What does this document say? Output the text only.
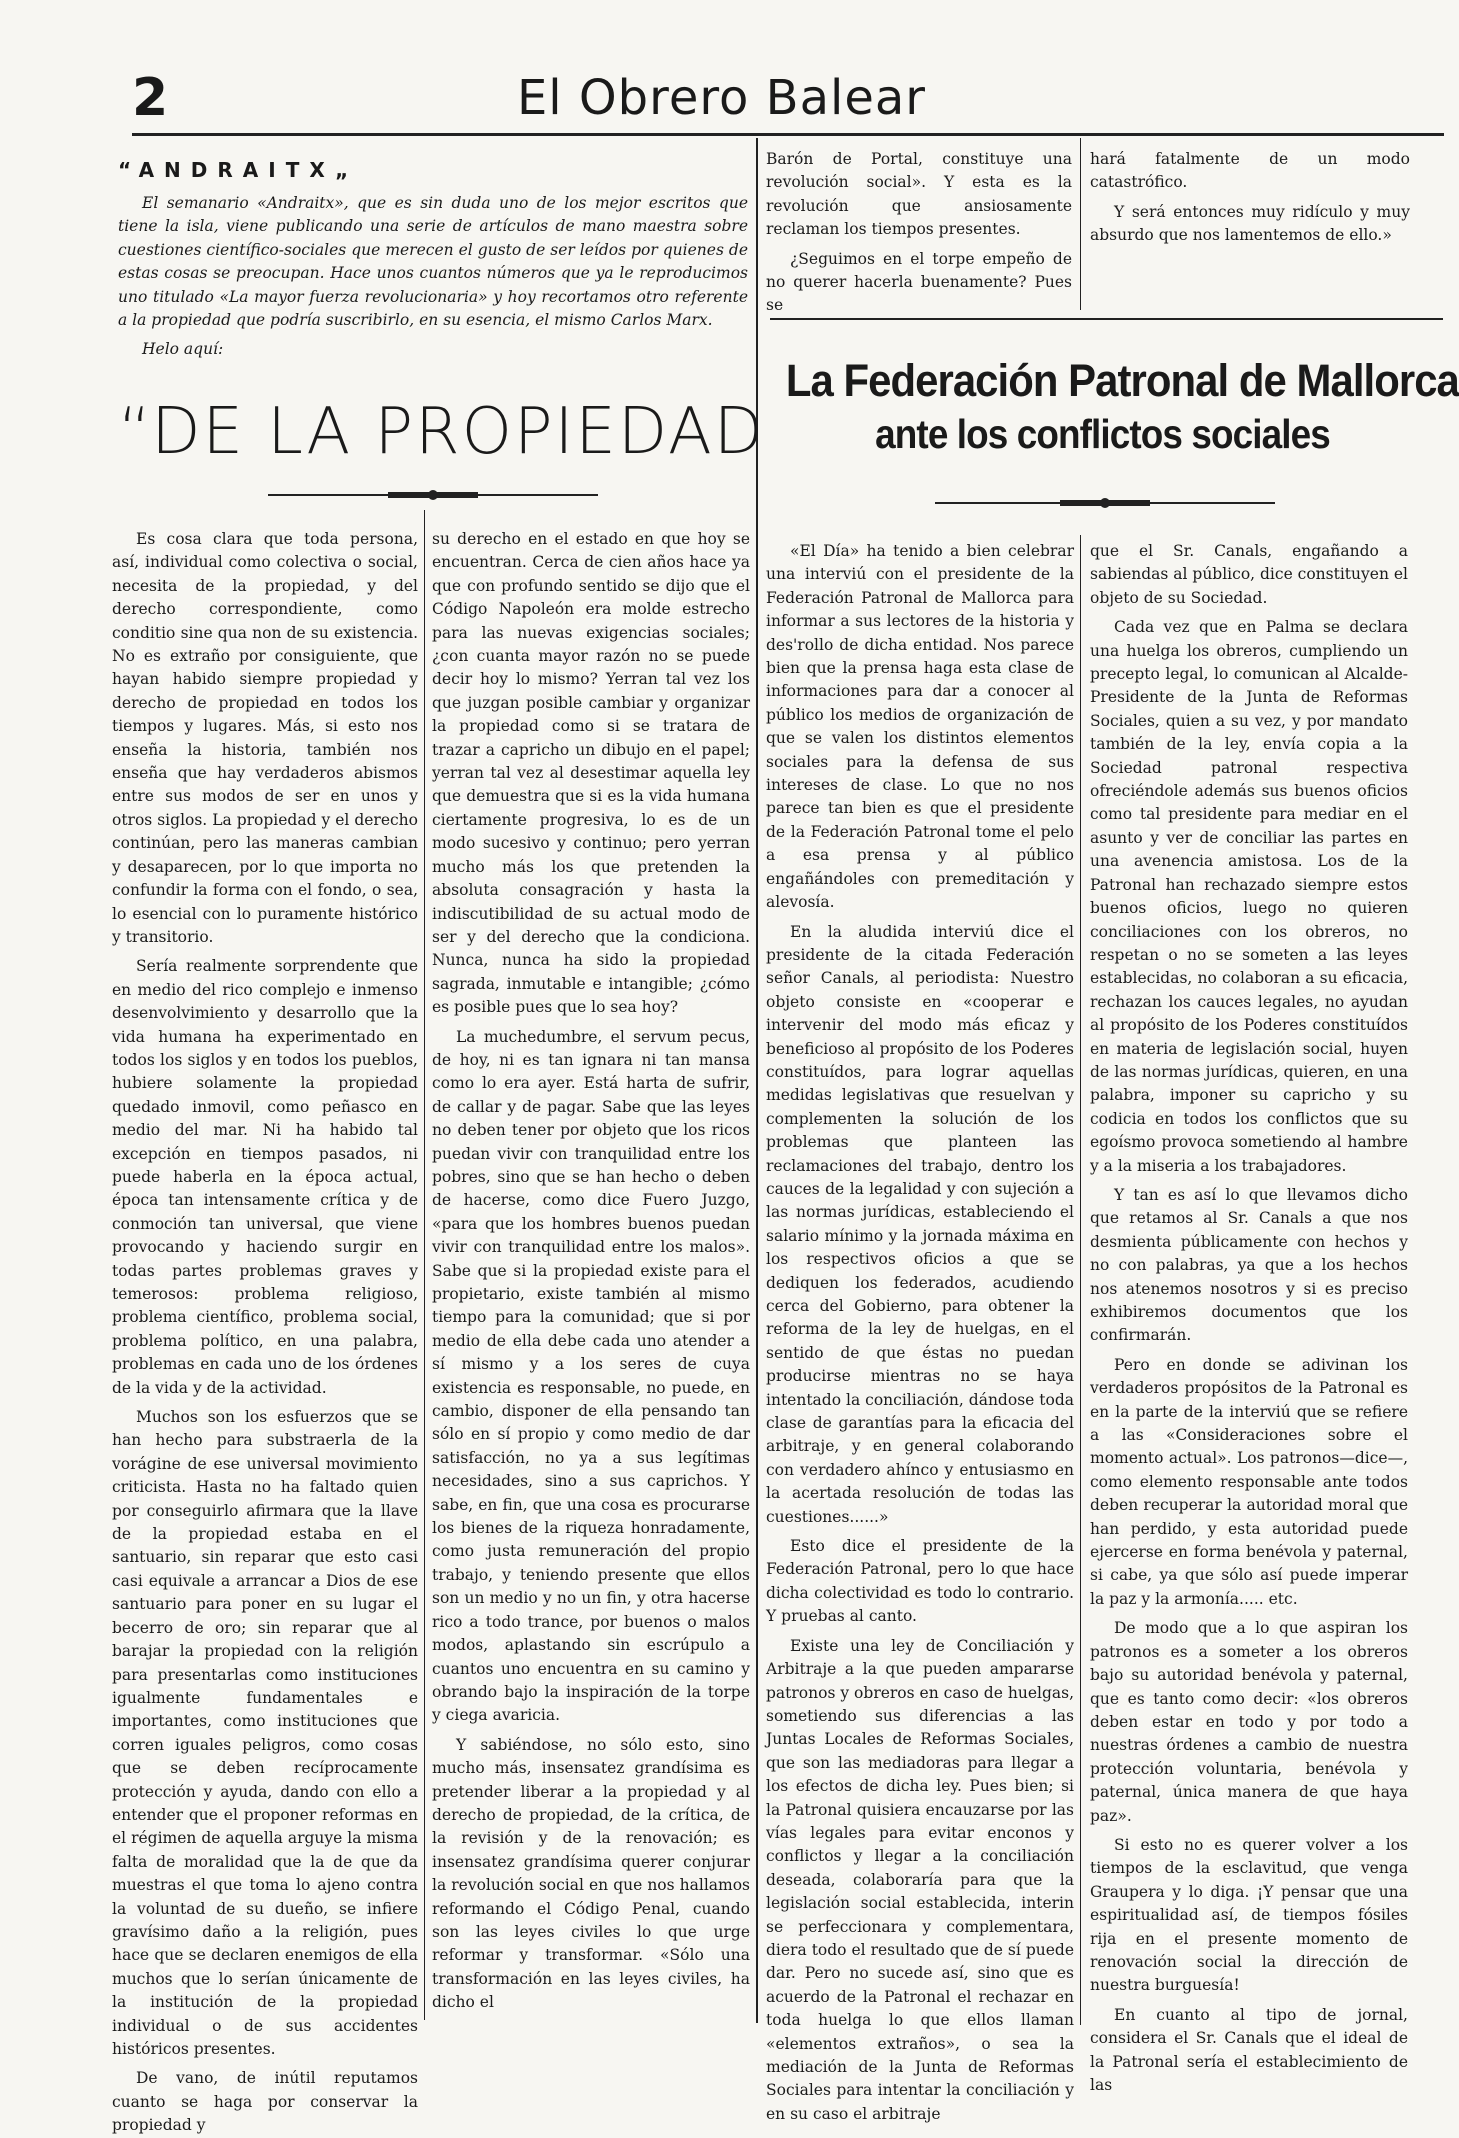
2	El Obrero Balear
“ANDRAITX„

El semanario «Andraitx», que es sin duda uno de los mejor escritos que tiene la isla, viene publicando una serie de artículos de mano maestra sobre cuestiones científico-sociales que merecen el gusto de ser leídos por quienes de estas cosas se preocupan. Hace unos cuantos números que ya le reproducimos uno titulado «La mayor fuerza revolucionaria» y hoy recortamos otro referente a la propiedad que podría suscribirlo, en su esencia, el mismo Carlos Marx.

Helo aquí:

“DE LA PROPIEDAD

Es cosa clara que toda persona, así, individual como colectiva o social, necesita de la propiedad, y del derecho correspondiente, como conditio sine qua non de su existencia. No es extraño por consiguiente, que hayan habido siempre propiedad y derecho de propiedad en todos los tiempos y lugares. Más, si esto nos enseña la historia, también nos enseña que hay verdaderos abismos entre sus modos de ser en unos y otros siglos. La propiedad y el derecho continúan, pero las maneras cambian y desaparecen, por lo que importa no confundir la forma con el fondo, o sea, lo esencial con lo puramente histórico y transitorio.

Sería realmente sorprendente que en medio del rico complejo e inmenso desenvolvimiento y desarrollo que la vida humana ha experimentado en todos los siglos y en todos los pueblos, hubiere solamente la propiedad quedado inmovil, como peñasco en medio del mar. Ni ha habido tal excepción en tiempos pasados, ni puede haberla en la época actual, época tan intensamente crítica y de conmoción tan universal, que viene provocando y haciendo surgir en todas partes problemas graves y temerosos: problema religioso, problema científico, problema social, problema político, en una palabra, problemas en cada uno de los órdenes de la vida y de la actividad.

Muchos son los esfuerzos que se han hecho para substraerla de la vorágine de ese universal movimiento criticista. Hasta no ha faltado quien por conseguirlo afirmara que la llave de la propiedad estaba en el santuario, sin reparar que esto casi casi equivale a arrancar a Dios de ese santuario para poner en su lugar el becerro de oro; sin reparar que al barajar la propiedad con la religión para presentarlas como instituciones igualmente fundamentales e importantes, como instituciones que corren iguales peligros, como cosas que se deben recíprocamente protección y ayuda, dando con ello a entender que el proponer reformas en el régimen de aquella arguye la misma falta de moralidad que la de que da muestras el que toma lo ajeno contra la voluntad de su dueño, se infiere gravísimo daño a la religión, pues hace que se declaren enemigos de ella muchos que lo serían únicamente de la institución de la propiedad individual o de sus accidentes históricos presentes.

De vano, de inútil reputamos cuanto se haga por conservar la propiedad y

su derecho en el estado en que hoy se encuentran. Cerca de cien años hace ya que con profundo sentido se dijo que el Código Napoleón era molde estrecho para las nuevas exigencias sociales; ¿con cuanta mayor razón no se puede decir hoy lo mismo? Yerran tal vez los que juzgan posible cambiar y organizar la propiedad como si se tratara de trazar a capricho un dibujo en el papel; yerran tal vez al desestimar aquella ley que demuestra que si es la vida humana ciertamente progresiva, lo es de un modo sucesivo y continuo; pero yerran mucho más los que pretenden la absoluta consagración y hasta la indiscutibilidad de su actual modo de ser y del derecho que la condiciona. Nunca, nunca ha sido la propiedad sagrada, inmutable e intangible; ¿cómo es posible pues que lo sea hoy?

La muchedumbre, el servum pecus, de hoy, ni es tan ignara ni tan mansa como lo era ayer. Está harta de sufrir, de callar y de pagar. Sabe que las leyes no deben tener por objeto que los ricos puedan vivir con tranquilidad entre los pobres, sino que se han hecho o deben de hacerse, como dice Fuero Juzgo, «para que los hombres buenos puedan vivir con tranquilidad entre los malos». Sabe que si la propiedad existe para el propietario, existe también al mismo tiempo para la comunidad; que si por medio de ella debe cada uno atender a sí mismo y a los seres de cuya existencia es responsable, no puede, en cambio, disponer de ella pensando tan sólo en sí propio y como medio de dar satisfacción, no ya a sus legítimas necesidades, sino a sus caprichos. Y sabe, en fin, que una cosa es procurarse los bienes de la riqueza honradamente, como justa remuneración del propio trabajo, y teniendo presente que ellos son un medio y no un fin, y otra hacerse rico a todo trance, por buenos o malos modos, aplastando sin escrúpulo a cuantos uno encuentra en su camino y obrando bajo la inspiración de la torpe y ciega avaricia.

Y sabiéndose, no sólo esto, sino mucho más, insensatez grandísima es pretender liberar a la propiedad y al derecho de propiedad, de la crítica, de la revisión y de la renovación; es insensatez grandísima querer conjurar la revolución social en que nos hallamos reformando el Código Penal, cuando son las leyes civiles lo que urge reformar y transformar. «Sólo una transformación en las leyes civiles, ha dicho el

Barón de Portal, constituye una revolución social». Y esta es la revolución que ansiosamente reclaman los tiempos presentes.

¿Seguimos en el torpe empeño de no querer hacerla buenamente? Pues se

hará fatalmente de un modo catastrófico.

Y será entonces muy ridículo y muy absurdo que nos lamentemos de ello.»

La Federación Patronal de Mallorca
ante los conflictos sociales

«El Día» ha tenido a bien celebrar una interviú con el presidente de la Federación Patronal de Mallorca para informar a sus lectores de la historia y des'rollo de dicha entidad. Nos parece bien que la prensa haga esta clase de informaciones para dar a conocer al público los medios de organización de que se valen los distintos elementos sociales para la defensa de sus intereses de clase. Lo que no nos parece tan bien es que el presidente de la Federación Patronal tome el pelo a esa prensa y al público engañándoles con premeditación y alevosía.

En la aludida interviú dice el presidente de la citada Federación señor Canals, al periodista: Nuestro objeto consiste en «cooperar e intervenir del modo más eficaz y beneficioso al propósito de los Poderes constituídos, para lograr aquellas medidas legislativas que resuelvan y complementen la solución de los problemas que planteen las reclamaciones del trabajo, dentro los cauces de la legalidad y con sujeción a las normas jurídicas, estableciendo el salario mínimo y la jornada máxima en los respectivos oficios a que se dediquen los federados, acudiendo cerca del Gobierno, para obtener la reforma de la ley de huelgas, en el sentido de que éstas no puedan producirse mientras no se haya intentado la conciliación, dándose toda clase de garantías para la eficacia del arbitraje, y en general colaborando con verdadero ahínco y entusiasmo en la acertada resolución de todas las cuestiones......»

Esto dice el presidente de la Federación Patronal, pero lo que hace dicha colectividad es todo lo contrario. Y pruebas al canto.

Existe una ley de Conciliación y Arbitraje a la que pueden ampararse patronos y obreros en caso de huelgas, sometiendo sus diferencias a las Juntas Locales de Reformas Sociales, que son las mediadoras para llegar a los efectos de dicha ley. Pues bien; si la Patronal quisiera encauzarse por las vías legales para evitar enconos y conflictos y llegar a la conciliación deseada, colaboraría para que la legislación social establecida, interin se perfeccionara y complementara, diera todo el resultado que de sí puede dar. Pero no sucede así, sino que es acuerdo de la Patronal el rechazar en toda huelga lo que ellos llaman «elementos extraños», o sea la mediación de la Junta de Reformas Sociales para intentar la conciliación y en su caso el arbitraje

que el Sr. Canals, engañando a sabiendas al público, dice constituyen el objeto de su Sociedad.

Cada vez que en Palma se declara una huelga los obreros, cumpliendo un precepto legal, lo comunican al Alcalde-Presidente de la Junta de Reformas Sociales, quien a su vez, y por mandato también de la ley, envía copia a la Sociedad patronal respectiva ofreciéndole además sus buenos oficios como tal presidente para mediar en el asunto y ver de conciliar las partes en una avenencia amistosa. Los de la Patronal han rechazado siempre estos buenos oficios, luego no quieren conciliaciones con los obreros, no respetan o no se someten a las leyes establecidas, no colaboran a su eficacia, rechazan los cauces legales, no ayudan al propósito de los Poderes constituídos en materia de legislación social, huyen de las normas jurídicas, quieren, en una palabra, imponer su capricho y su codicia en todos los conflictos que su egoísmo provoca sometiendo al hambre y a la miseria a los trabajadores.

Y tan es así lo que llevamos dicho que retamos al Sr. Canals a que nos desmienta públicamente con hechos y no con palabras, ya que a los hechos nos atenemos nosotros y si es preciso exhibiremos documentos que los confirmarán.

Pero en donde se adivinan los verdaderos propósitos de la Patronal es en la parte de la interviú que se refiere a las «Consideraciones sobre el momento actual». Los patronos—dice—, como elemento responsable ante todos deben recuperar la autoridad moral que han perdido, y esta autoridad puede ejercerse en forma benévola y paternal, si cabe, ya que sólo así puede imperar la paz y la armonía..... etc.

De modo que a lo que aspiran los patronos es a someter a los obreros bajo su autoridad benévola y paternal, que es tanto como decir: «los obreros deben estar en todo y por todo a nuestras órdenes a cambio de nuestra protección voluntaria, benévola y paternal, única manera de que haya paz».

Si esto no es querer volver a los tiempos de la esclavitud, que venga Graupera y lo diga. ¡Y pensar que una espiritualidad así, de tiempos fósiles rija en el presente momento de renovación social la dirección de nuestra burguesía!

En cuanto al tipo de jornal, considera el Sr. Canals que el ideal de la Patronal sería el establecimiento de las
